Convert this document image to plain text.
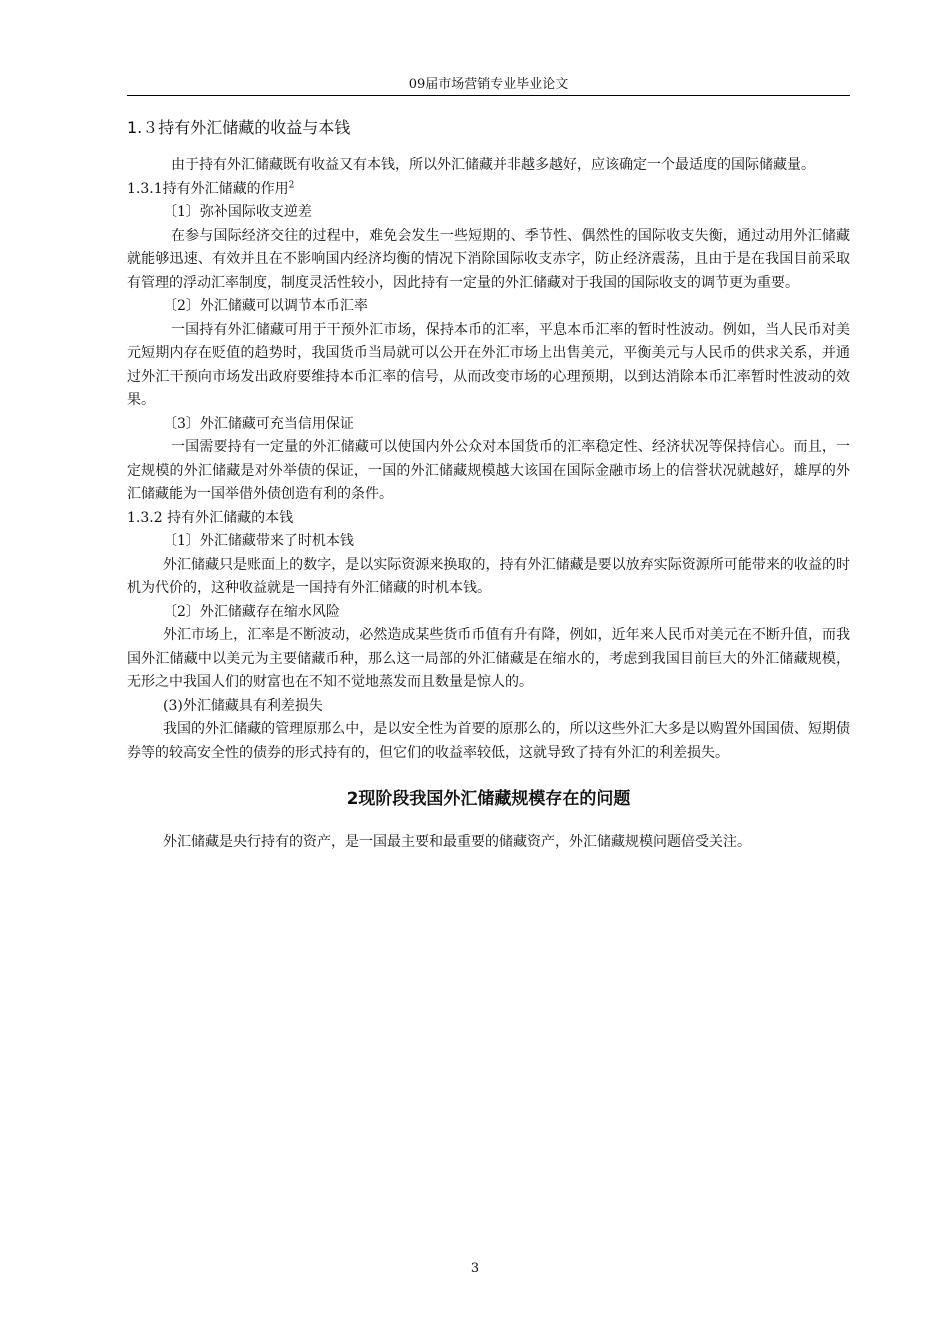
09届市场营销专业毕业论文

1.３持有外汇储藏的收益与本钱

由于持有外汇储藏既有收益又有本钱，所以外汇储藏并非越多越好，应该确定一个最适度的国际储藏量。

1.3.1持有外汇储藏的作用$^2$

〔1〕弥补国际收支逆差

在参与国际经济交往的过程中，难免会发生一些短期的、季节性、偶然性的国际收支失衡，通过动用外汇储藏就能够迅速、有效并且在不影响国内经济均衡的情况下消除国际收支赤字，防止经济震荡，且由于是在我国目前采取有管理的浮动汇率制度，制度灵活性较小，因此持有一定量的外汇储藏对于我国的国际收支的调节更为重要。

〔2〕外汇储藏可以调节本币汇率

一国持有外汇储藏可用于干预外汇市场，保持本币的汇率，平息本币汇率的暂时性波动。例如，当人民币对美元短期内存在贬值的趋势时，我国货币当局就可以公开在外汇市场上出售美元，平衡美元与人民币的供求关系，并通过外汇干预向市场发出政府要维持本币汇率的信号，从而改变市场的心理预期，以到达消除本币汇率暂时性波动的效果。

〔3〕外汇储藏可充当信用保证

一国需要持有一定量的外汇储藏可以使国内外公众对本国货币的汇率稳定性、经济状况等保持信心。而且，一定规模的外汇储藏是对外举债的保证，一国的外汇储藏规模越大该国在国际金融市场上的信誉状况就越好，雄厚的外汇储藏能为一国举借外债创造有利的条件。

1.3.2 持有外汇储藏的本钱

〔1〕外汇储藏带来了时机本钱

外汇储藏只是账面上的数字，是以实际资源来换取的，持有外汇储藏是要以放弃实际资源所可能带来的收益的时机为代价的，这种收益就是一国持有外汇储藏的时机本钱。

〔2〕外汇储藏存在缩水风险

外汇市场上，汇率是不断波动，必然造成某些货币币值有升有降，例如，近年来人民币对美元在不断升值，而我国外汇储藏中以美元为主要储藏币种，那么这一局部的外汇储藏是在缩水的，考虑到我国目前巨大的外汇储藏规模，无形之中我国人们的财富也在不知不觉地蒸发而且数量是惊人的。

(3)外汇储藏具有利差损失

我国的外汇储藏的管理原那么中，是以安全性为首要的原那么的，所以这些外汇大多是以购置外国国债、短期债券等的较高安全性的债券的形式持有的，但它们的收益率较低，这就导致了持有外汇的利差损失。

2现阶段我国外汇储藏规模存在的问题

外汇储藏是央行持有的资产，是一国最主要和最重要的储藏资产，外汇储藏规模问题倍受关注。

3
